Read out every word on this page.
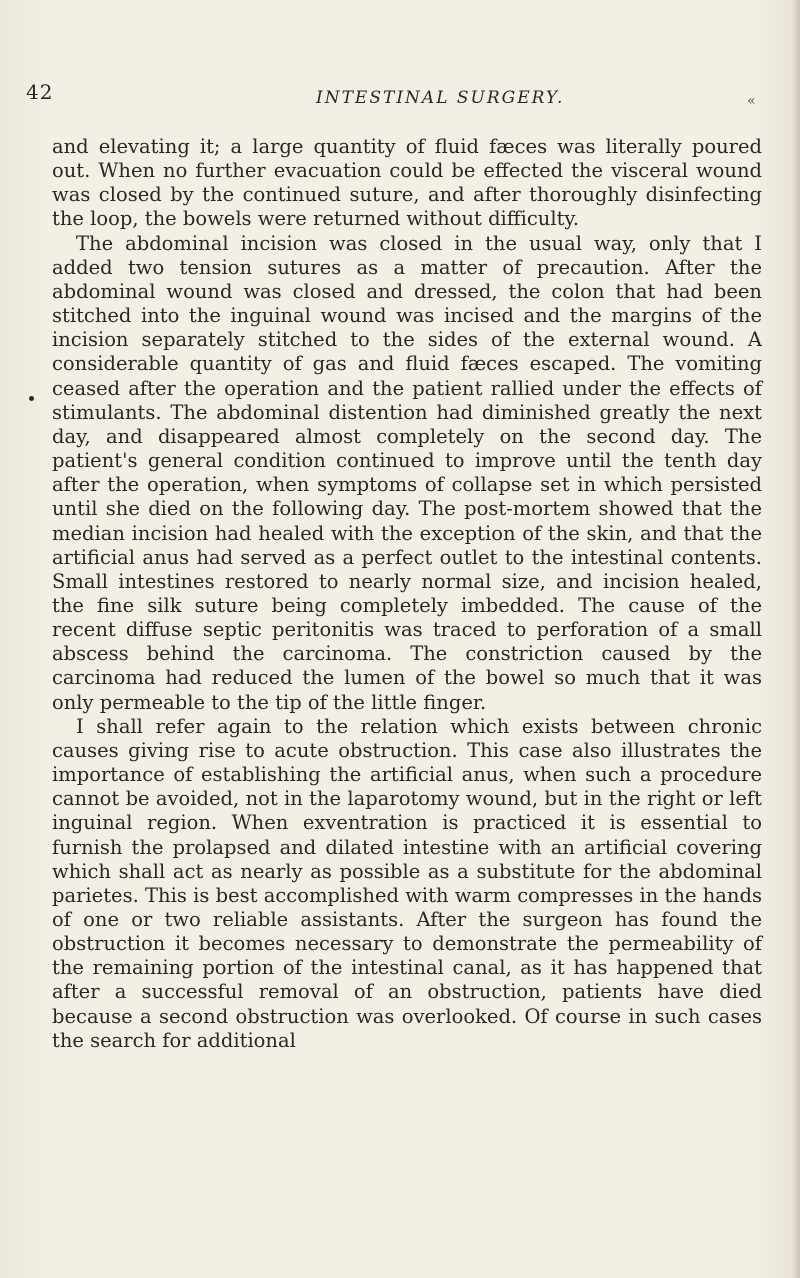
42	INTESTINAL SURGERY.	«

and elevating it; a large quantity of fluid fæces was literally poured out. When no further evacuation could be effected the visceral wound was closed by the continued suture, and after thoroughly disinfecting the loop, the bowels were returned without difficulty.

The abdominal incision was closed in the usual way, only that I added two tension sutures as a matter of precaution. After the abdominal wound was closed and dressed, the colon that had been stitched into the inguinal wound was incised and the margins of the incision separately stitched to the sides of the external wound. A considerable quantity of gas and fluid fæces escaped. The vomiting ceased after the operation and the patient rallied under the effects of stimulants. The abdominal distention had diminished greatly the next day, and disappeared almost completely on the second day. The patient's general condition continued to improve until the tenth day after the operation, when symptoms of collapse set in which persisted until she died on the following day. The post-mortem showed that the median incision had healed with the exception of the skin, and that the artificial anus had served as a perfect outlet to the intestinal contents. Small intestines restored to nearly normal size, and incision healed, the fine silk suture being completely imbedded. The cause of the recent diffuse septic peritonitis was traced to perforation of a small abscess behind the carcinoma. The constriction caused by the carcinoma had reduced the lumen of the bowel so much that it was only permeable to the tip of the little finger.

I shall refer again to the relation which exists between chronic causes giving rise to acute obstruction. This case also illustrates the importance of establishing the artificial anus, when such a procedure cannot be avoided, not in the laparotomy wound, but in the right or left inguinal region. When exventration is practiced it is essential to furnish the prolapsed and dilated intestine with an artificial covering which shall act as nearly as possible as a substitute for the abdominal parietes. This is best accomplished with warm compresses in the hands of one or two reliable assistants. After the surgeon has found the obstruction it becomes necessary to demonstrate the permeability of the remaining portion of the intestinal canal, as it has happened that after a successful removal of an obstruction, patients have died because a second obstruction was overlooked. Of course in such cases the search for additional
